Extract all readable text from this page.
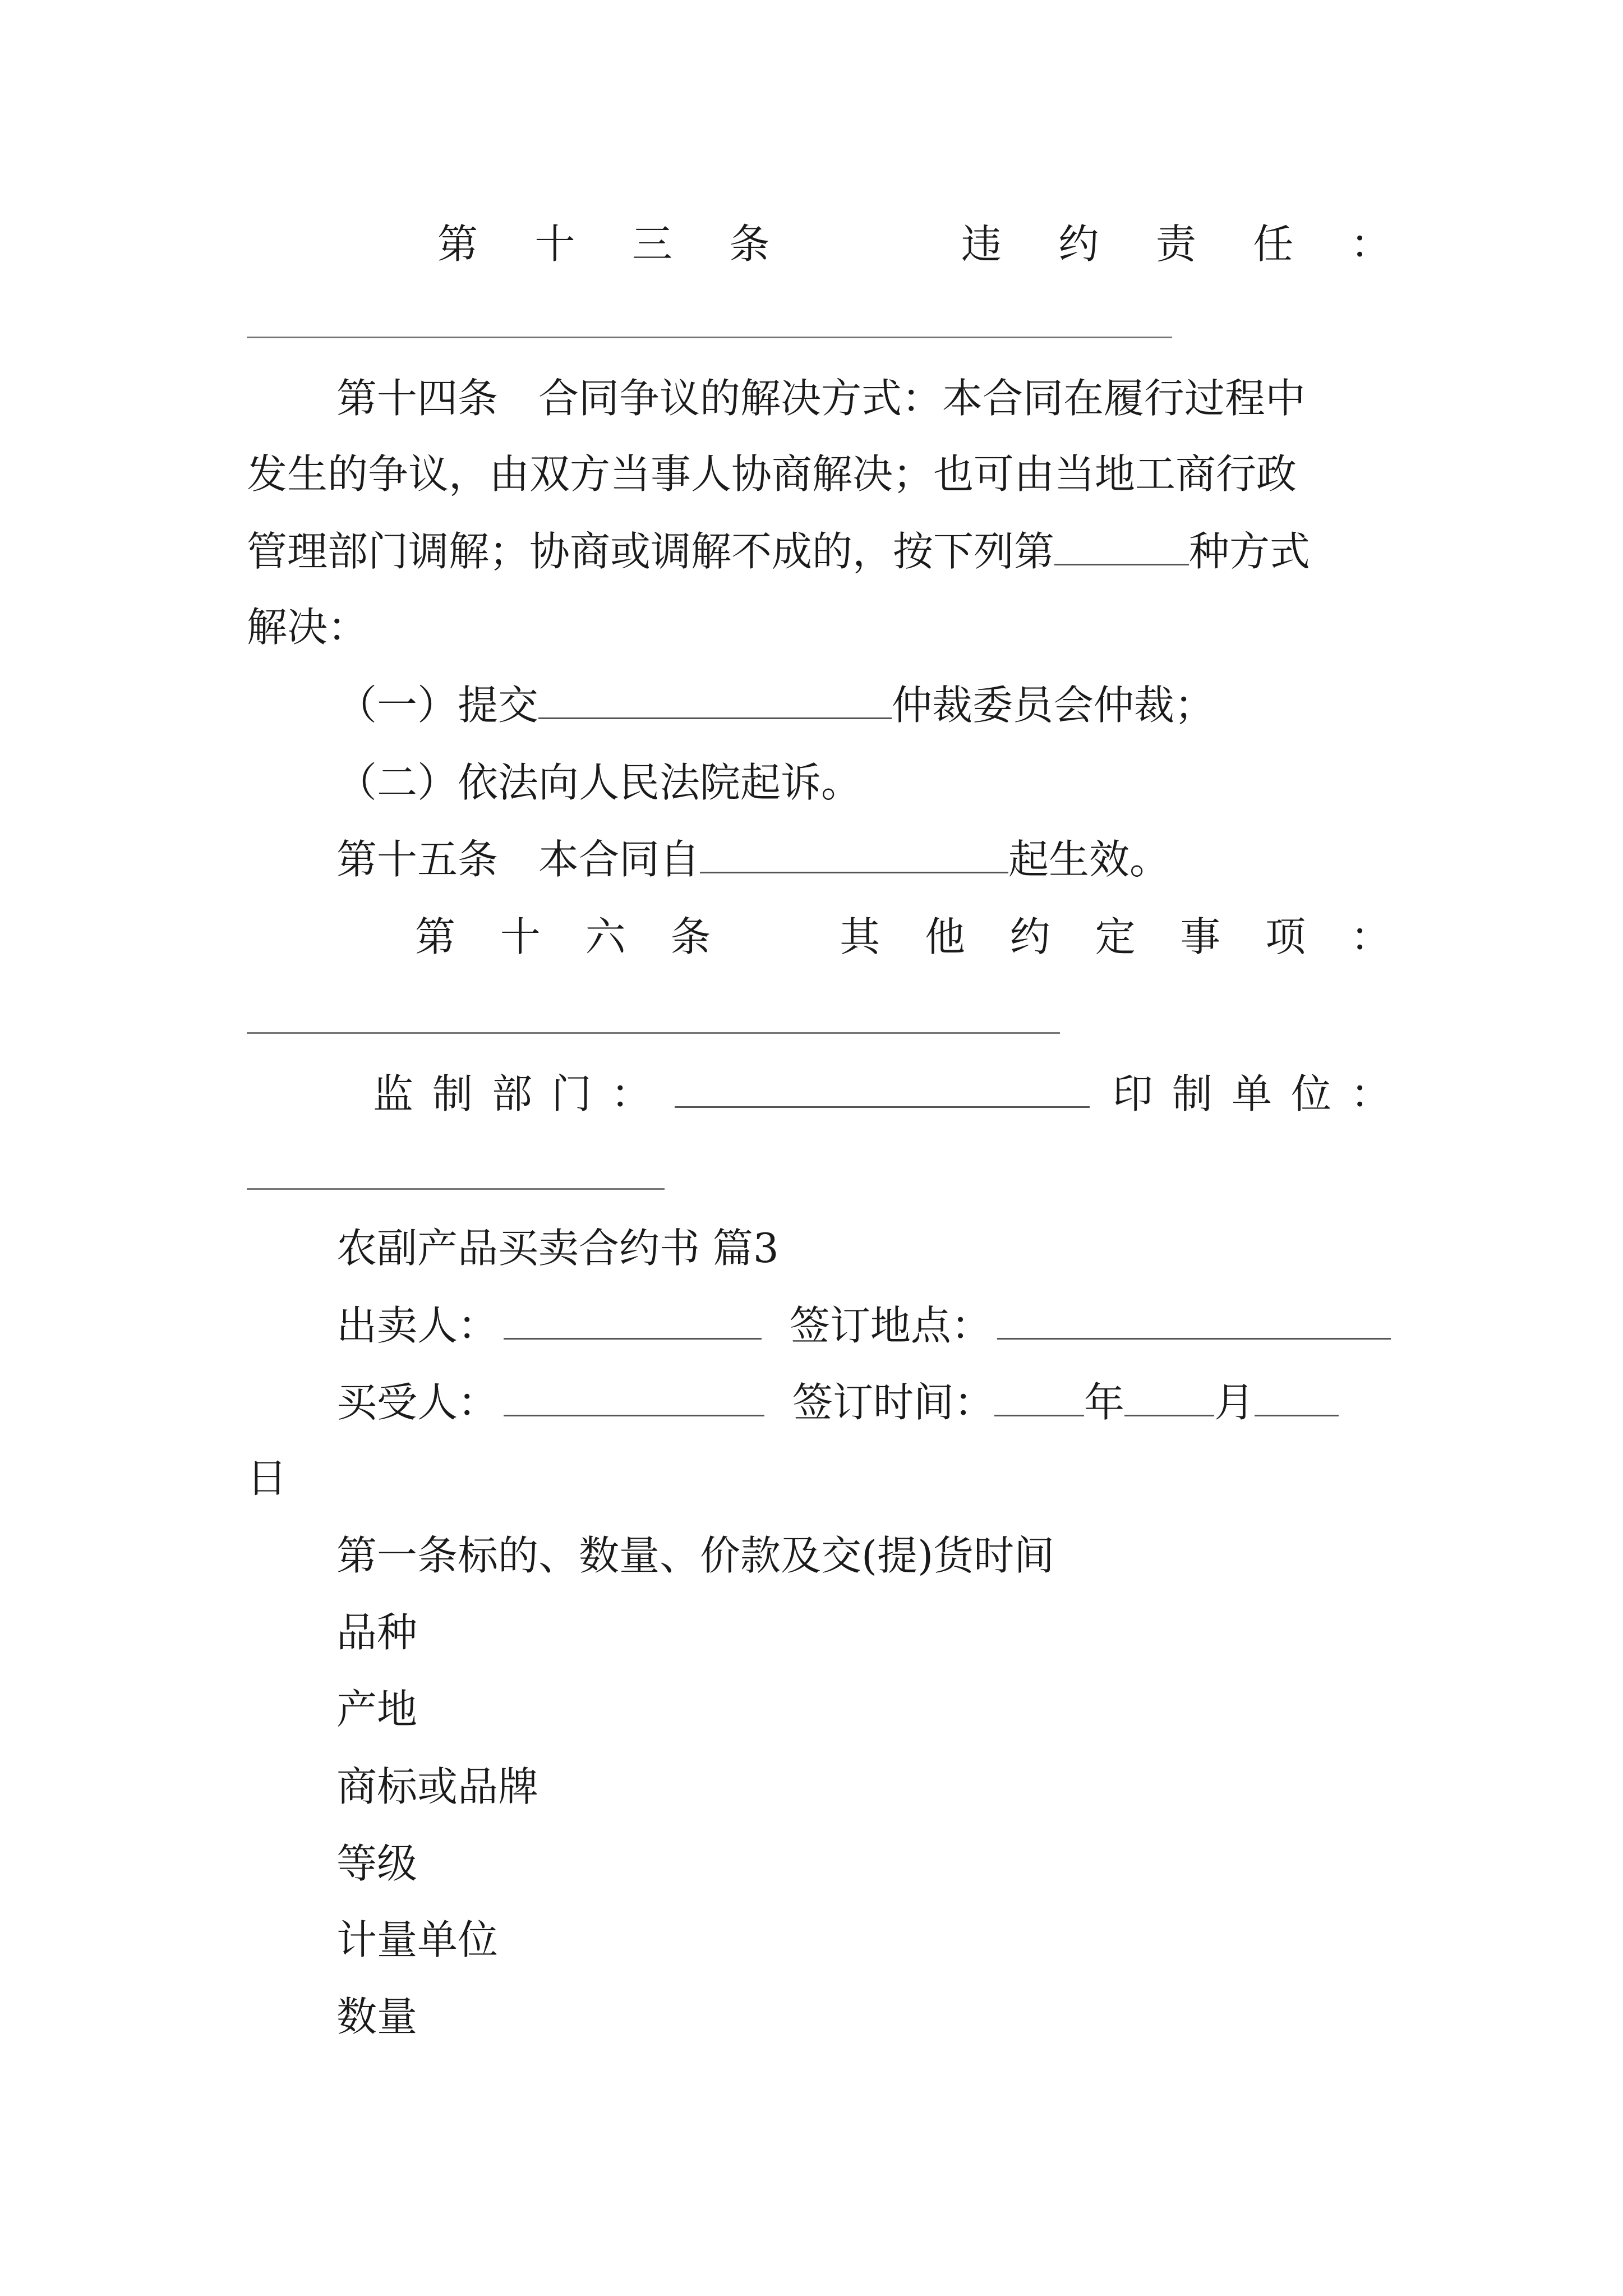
第 十 三 条	违 约 责 任 ：
第十四条　合同争议的解决方式：本合同在履行过程中
发生的争议，由双方当事人协商解决；也可由当地工商行政
管理部门调解；协商或调解不成的，按下列第	种方式
解决：
（一）提交	仲裁委员会仲裁；
（二）依法向人民法院起诉。
第十五条　本合同自	起生效。
第 十 六 条	其 他 约 定 事 项 ：
监 制 部 门 ：	印 制 单 位 ：
农副产品买卖合约书 篇3
出卖人：	签订地点：
买受人：	签订时间： 年 月
日
第一条标的、数量、价款及交(提)货时间
品种
产地
商标或品牌
等级
计量单位
数量
